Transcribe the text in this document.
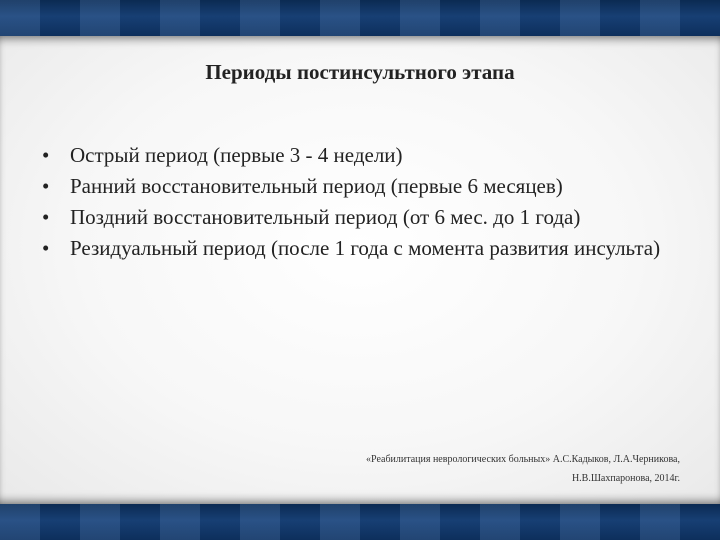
Периоды постинсультного этапа
• Острый период (первые 3 - 4 недели)
• Ранний восстановительный период (первые 6 месяцев)
• Поздний восстановительный период (от 6 мес. до 1 года)
• Резидуальный период (после 1 года с момента развития инсульта)
«Реабилитация неврологических больных» А.С.Кадыков, Л.А.Черникова,
Н.В.Шахпаронова, 2014г.
